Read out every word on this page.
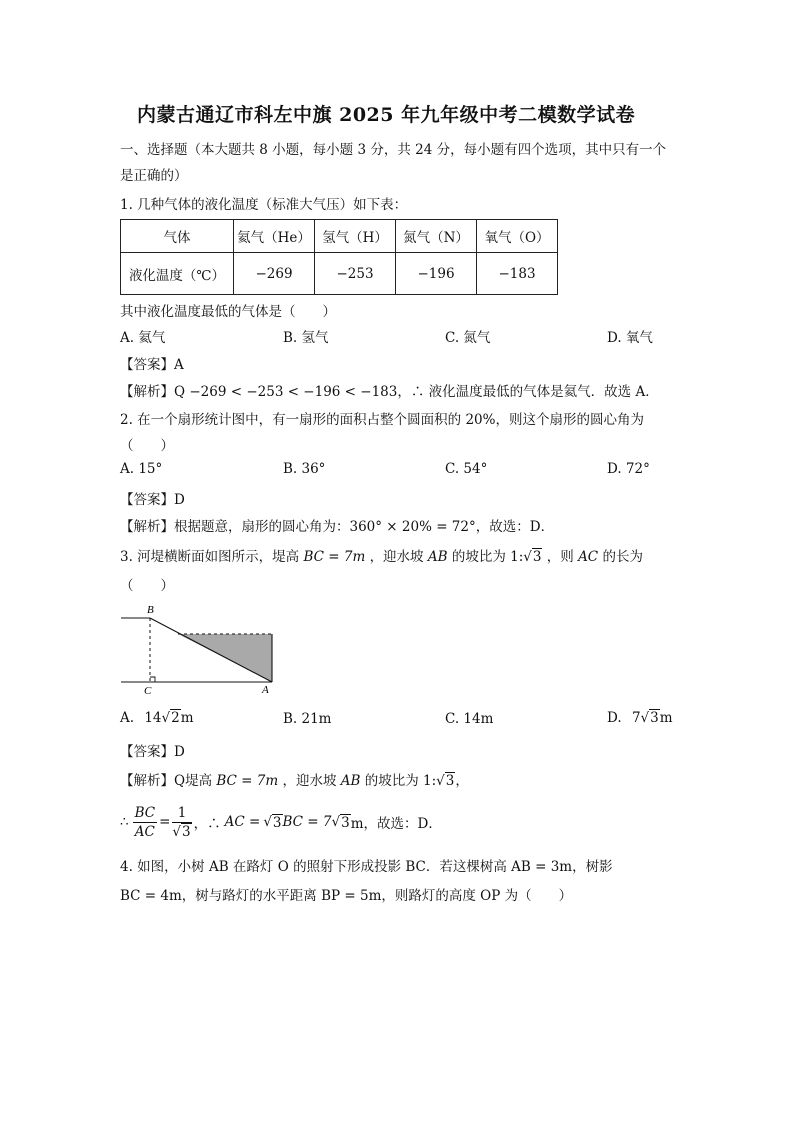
内蒙古通辽市科左中旗 2025 年九年级中考二模数学试卷
一、选择题（本大题共 8 小题，每小题 3 分，共 24 分，每小题有四个选项，其中只有一个
是正确的）
1. 几种气体的液化温度（标准大气压）如下表：
气体	氦气（He）	氢气（H）	氮气（N）	氧气（O）
液化温度（℃）	−269	−253	−196	−183
其中液化温度最低的气体是（　　）
A. 氦气	B. 氢气	C. 氮气	D. 氧气
【答案】A
【解析】Q −269 < −253 < −196 < −183，∴ 液化温度最低的气体是氦气．故选 A．
2. 在一个扇形统计图中，有一扇形的面积占整个圆面积的 20%，则这个扇形的圆心角为
（　　）
A. 15°	B. 36°	C. 54°	D. 72°
【答案】D
【解析】根据题意，扇形的圆心角为：360° × 20% = 72°，故选：D．
3. 河堤横断面如图所示，堤高 BC = 7m ，迎水坡 AB 的坡比为 1:√3 ，则 AC 的长为
（　　）
B
C	A
A. 14√2m	B. 21m	C. 14m	D. 7√3m
【答案】D
【解析】Q堤高 BC = 7m ，迎水坡 AB 的坡比为 1:√3，
∴ $\frac{BC}{AC} = \frac{1}{√3}$ ，∴ AC = √ 3 BC = 7 √ 3 m，故选：D．
4. 如图，小树 AB 在路灯 O 的照射下形成投影 BC．若这棵树高 AB = 3m，树影
BC = 4m，树与路灯的水平距离 BP = 5m，则路灯的高度 OP 为（　　）
